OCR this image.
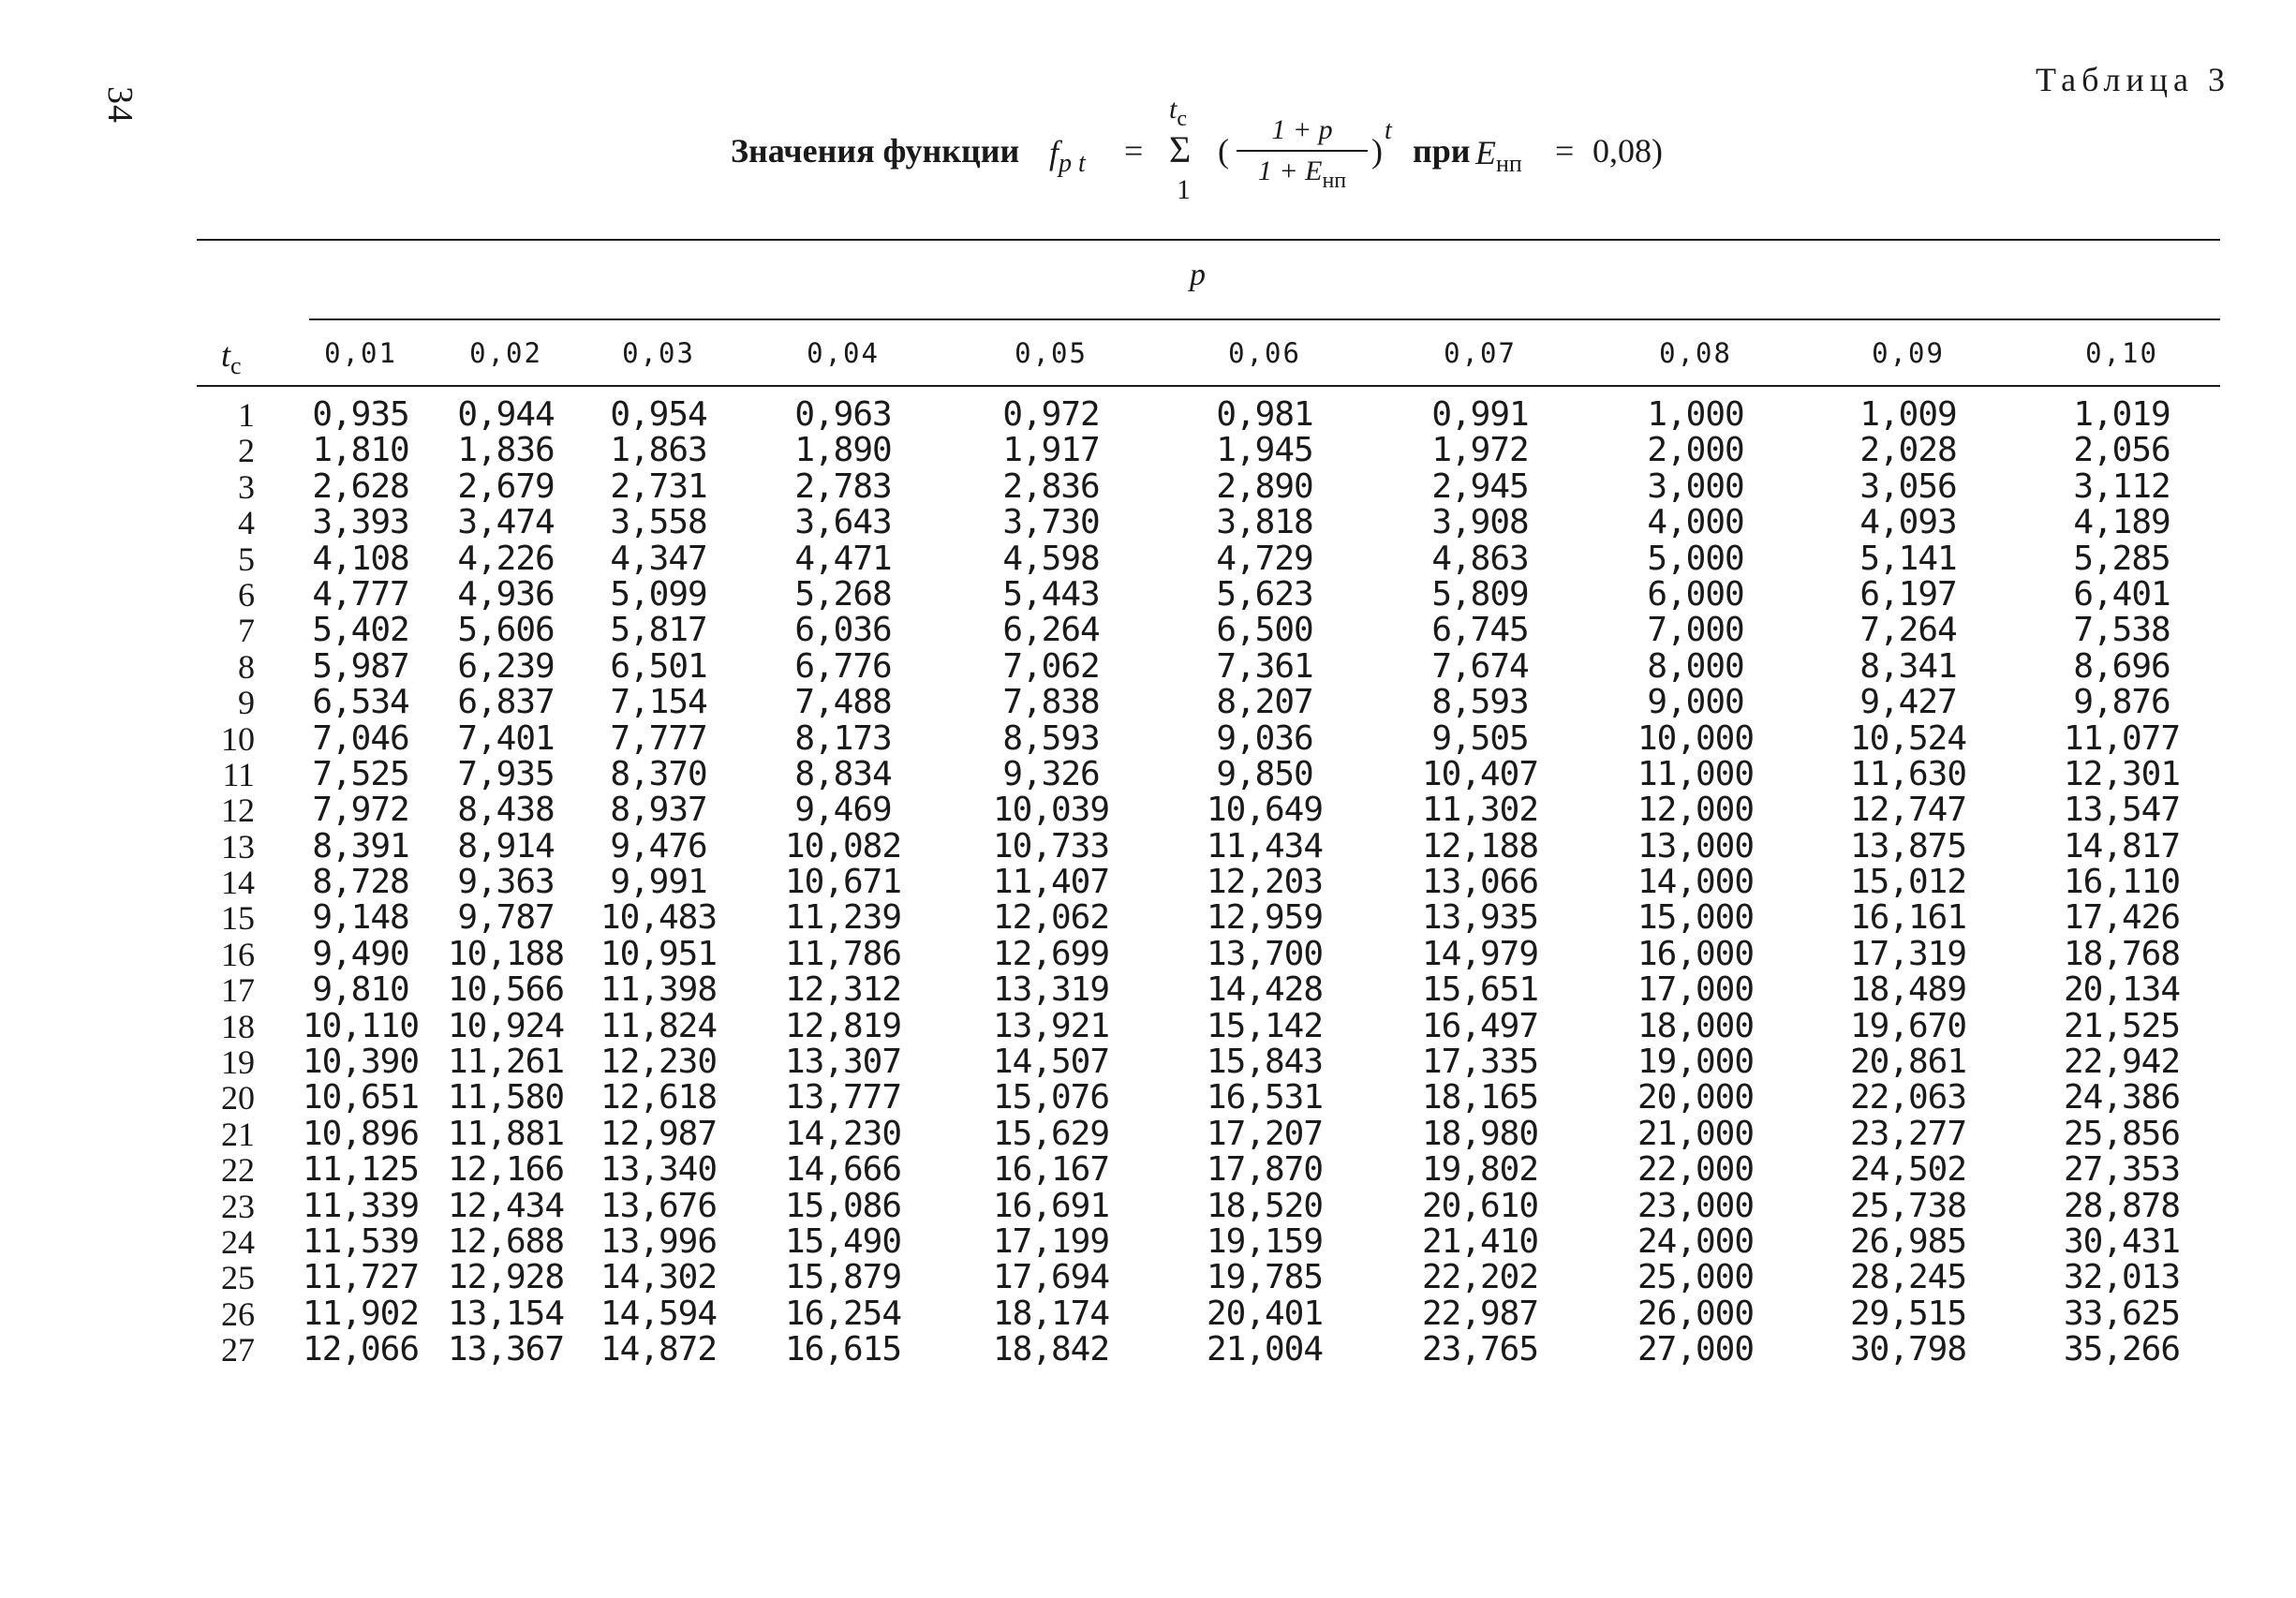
34
Таблица 3
Значения функции $f_{p t}$ =
$t_с$
Σ
1
(
1 + p
$1 + E_{нп}$
)
t
при $E_{нп} = 0,08$)
p
$t_с$	0,01	0,02	0,03	0,04	0,05	0,06	0,07	0,08	0,09	0,10
1 0,935 0,944 0,954	0,963	0,972	0,981	0,991	1,000	1,009	1,019
2 1,810 1,836 1,863	1,890	1,917	1,945	1,972	2,000	2,028	2,056
3 2,628 2,679 2,731	2,783	2,836	2,890	2,945	3,000	3,056	3,112
4 3,393 3,474 3,558	3,643	3,730	3,818	3,908	4,000	4,093	4,189
5 4,108 4,226 4,347	4,471	4,598	4,729	4,863	5,000	5,141	5,285
6 4,777 4,936 5,099	5,268	5,443	5,623	5,809	6,000	6,197	6,401
7 5,402 5,606 5,817	6,036	6,264	6,500	6,745	7,000	7,264	7,538
8 5,987 6,239 6,501	6,776	7,062	7,361	7,674	8,000	8,341	8,696
9 6,534 6,837 7,154	7,488	7,838	8,207	8,593	9,000	9,427	9,876
10 7,046 7,401 7,777	8,173	8,593	9,036	9,505	10,000	10,524	11,077
11 7,525 7,935 8,370	8,834	9,326	9,850	10,407	11,000	11,630	12,301
12 7,972 8,438 8,937	9,469	10,039	10,649	11,302	12,000	12,747	13,547
13 8,391 8,914 9,476 10,082	10,733	11,434	12,188	13,000	13,875	14,817
14 8,728 9,363 9,991 10,671	11,407	12,203	13,066	14,000	15,012	16,110
15 9,148 9,787 10,483 11,239	12,062	12,959	13,935	15,000	16,161	17,426
16 9,490 10,188 10,951 11,786	12,699	13,700	14,979	16,000	17,319	18,768
17 9,810 10,566 11,398 12,312	13,319	14,428	15,651	17,000	18,489	20,134
18 10,110 10,924 11,824 12,819	13,921	15,142	16,497	18,000	19,670	21,525
19 10,390 11,261 12,230 13,307	14,507	15,843	17,335	19,000	20,861	22,942
20 10,651 11,580 12,618 13,777	15,076	16,531	18,165	20,000	22,063	24,386
21 10,896 11,881 12,987 14,230	15,629	17,207	18,980	21,000	23,277	25,856
22 11,125 12,166 13,340 14,666	16,167	17,870	19,802	22,000	24,502	27,353
23 11,339 12,434 13,676 15,086	16,691	18,520	20,610	23,000	25,738	28,878
24 11,539 12,688 13,996 15,490	17,199	19,159	21,410	24,000	26,985	30,431
25 11,727 12,928 14,302 15,879	17,694	19,785	22,202	25,000	28,245	32,013
26 11,902 13,154 14,594 16,254	18,174	20,401	22,987	26,000	29,515	33,625
27 12,066 13,367 14,872 16,615	18,842	21,004	23,765	27,000	30,798	35,266
